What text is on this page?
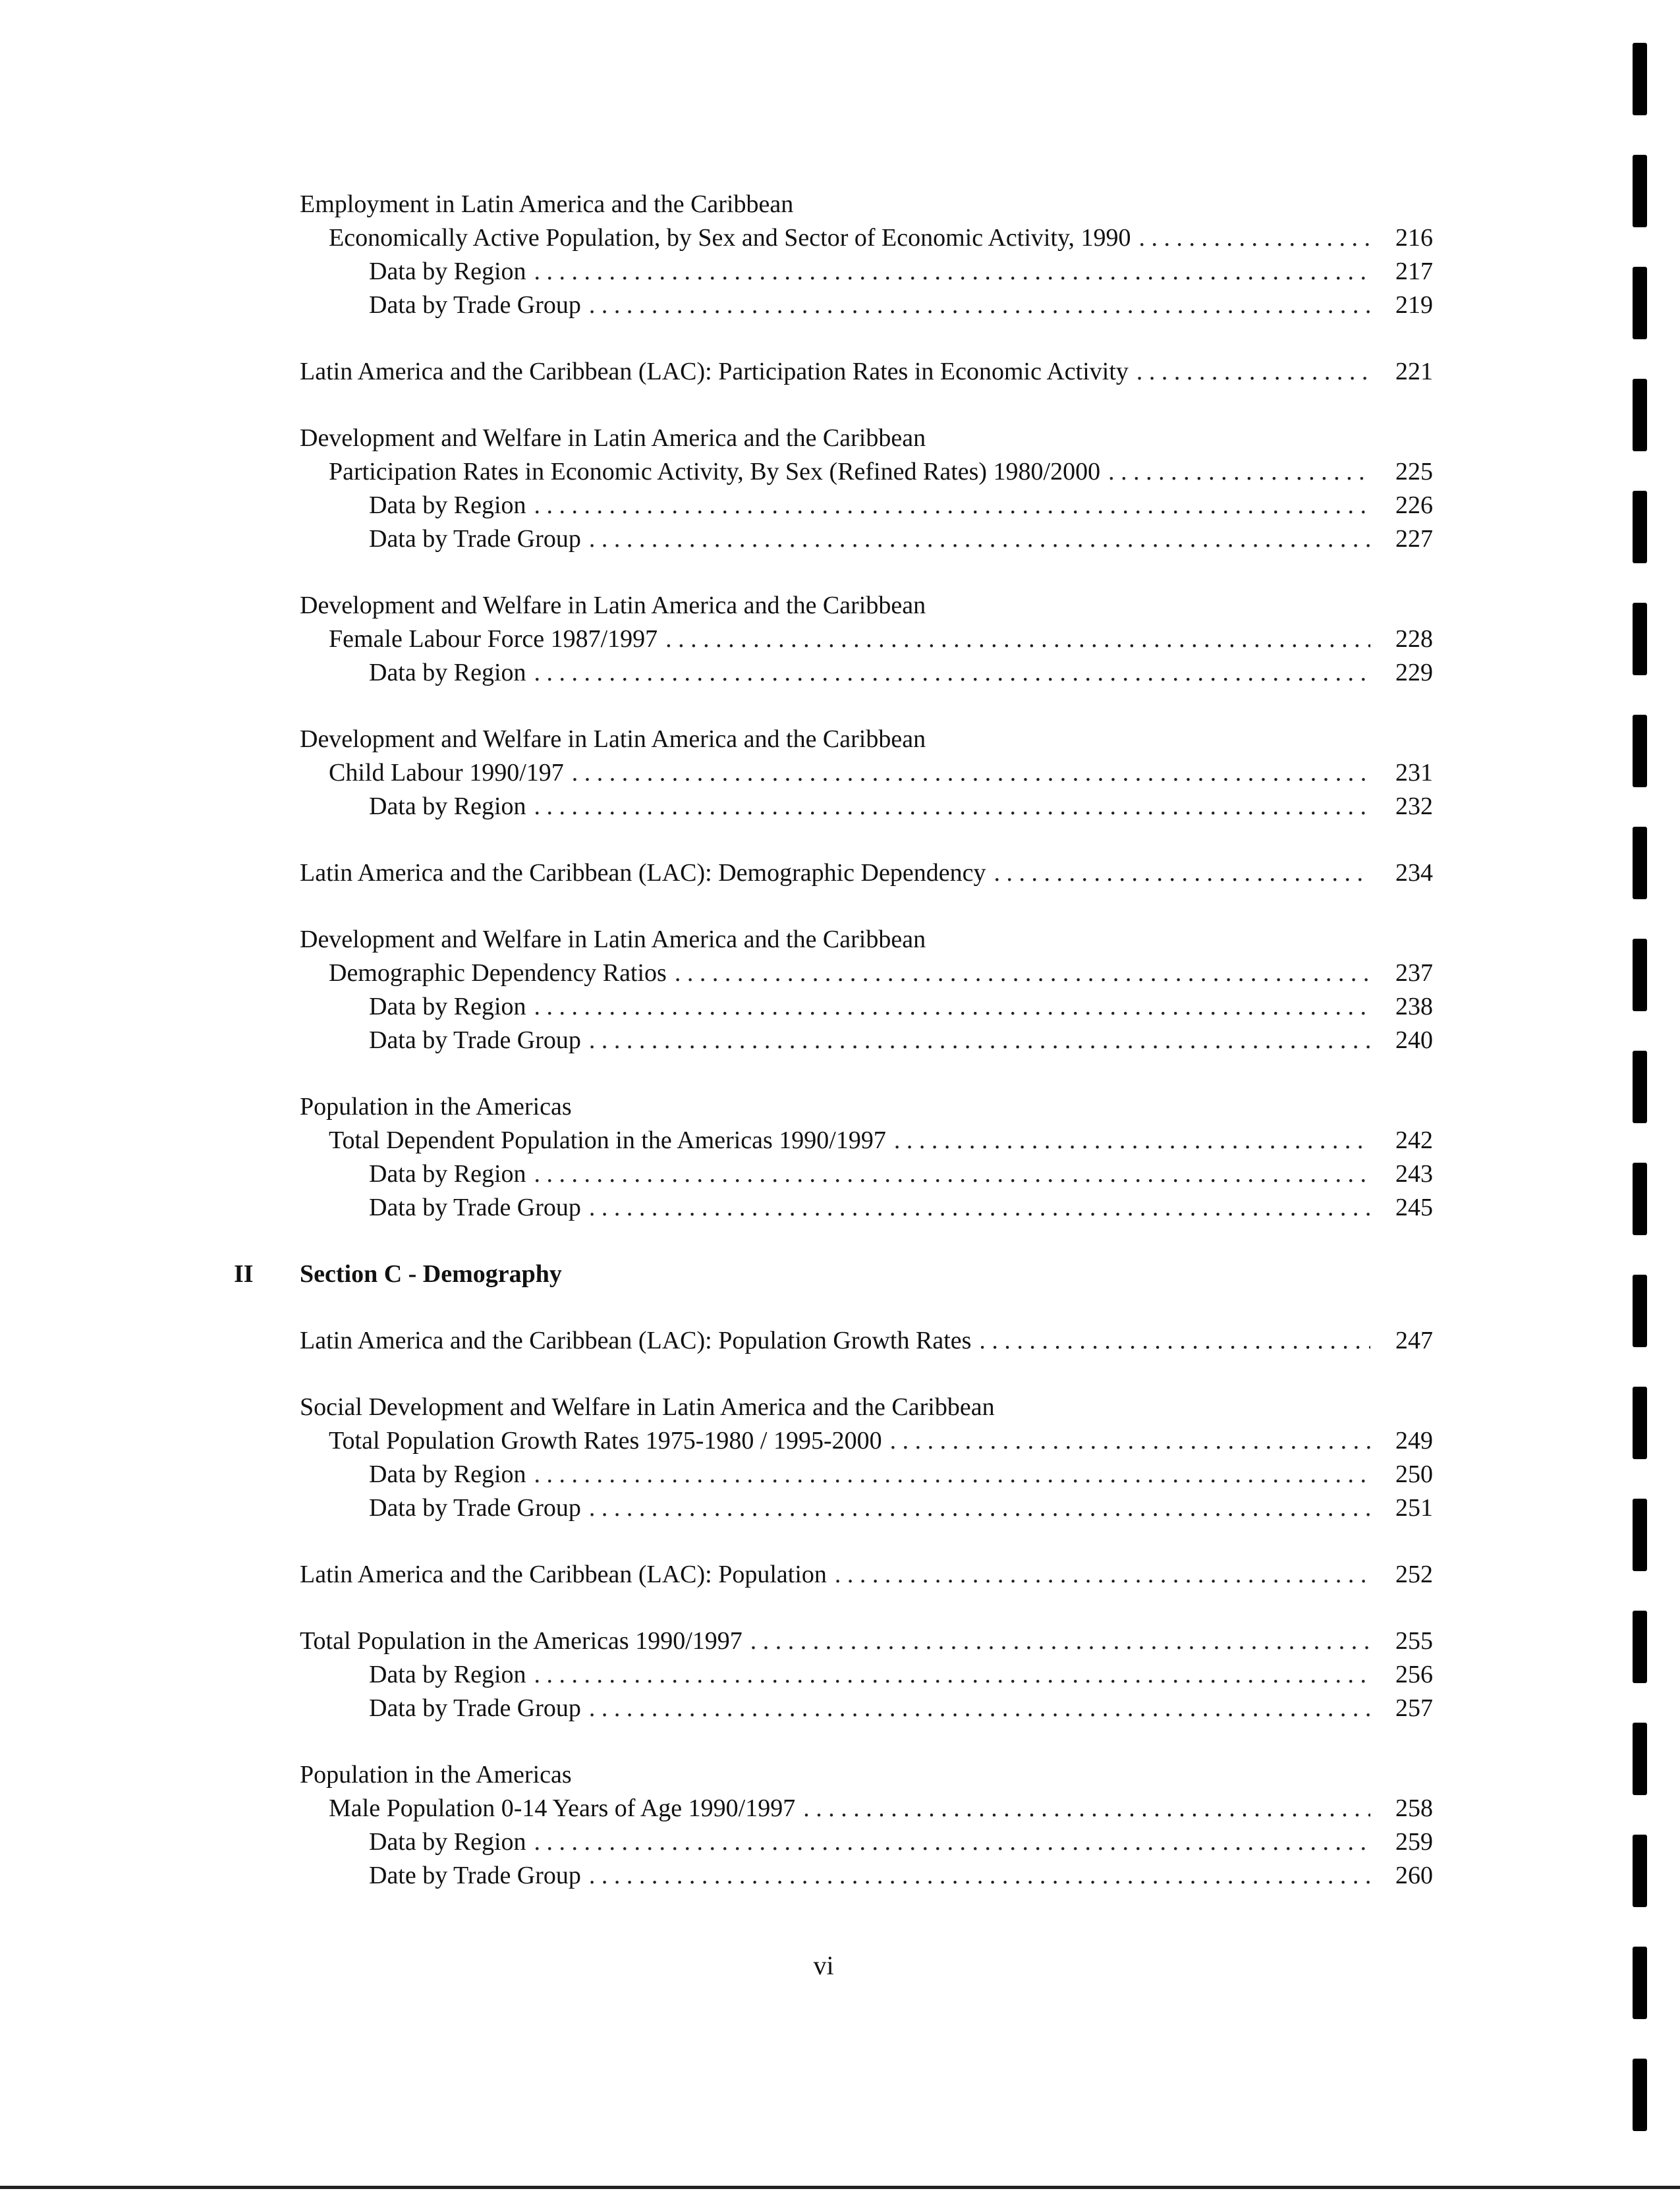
Employment in Latin America and the Caribbean
Economically Active Population, by Sex and Sector of Economic Activity, 1990 . . .	216
Data by Region . . .	217
Data by Trade Group . . .	219
Latin America and the Caribbean (LAC): Participation Rates in Economic Activity . . .	221
Development and Welfare in Latin America and the Caribbean
Participation Rates in Economic Activity, By Sex (Refined Rates) 1980/2000 . . .	225
Data by Region . . .	226
Data by Trade Group . . .	227
Development and Welfare in Latin America and the Caribbean
Female Labour Force 1987/1997 . . .	228
Data by Region . . .	229
Development and Welfare in Latin America and the Caribbean
Child Labour 1990/197 . . .	231
Data by Region . . .	232
Latin America and the Caribbean (LAC): Demographic Dependency . . .	234
Development and Welfare in Latin America and the Caribbean
Demographic Dependency Ratios . . .	237
Data by Region . . .	238
Data by Trade Group . . .	240
Population in the Americas
Total Dependent Population in the Americas 1990/1997 . . .	242
Data by Region . . .	243
Data by Trade Group . . .	245
II Section C - Demography
Latin America and the Caribbean (LAC): Population Growth Rates . . .	247
Social Development and Welfare in Latin America and the Caribbean
Total Population Growth Rates 1975-1980 / 1995-2000 . . .	249
Data by Region . . .	250
Data by Trade Group . . .	251
Latin America and the Caribbean (LAC): Population . . .	252
Total Population in the Americas 1990/1997 . . .	255
Data by Region . . .	256
Data by Trade Group . . .	257
Population in the Americas
Male Population 0-14 Years of Age 1990/1997 . . .	258
Data by Region . . .	259
Date by Trade Group . . .	260
vi
